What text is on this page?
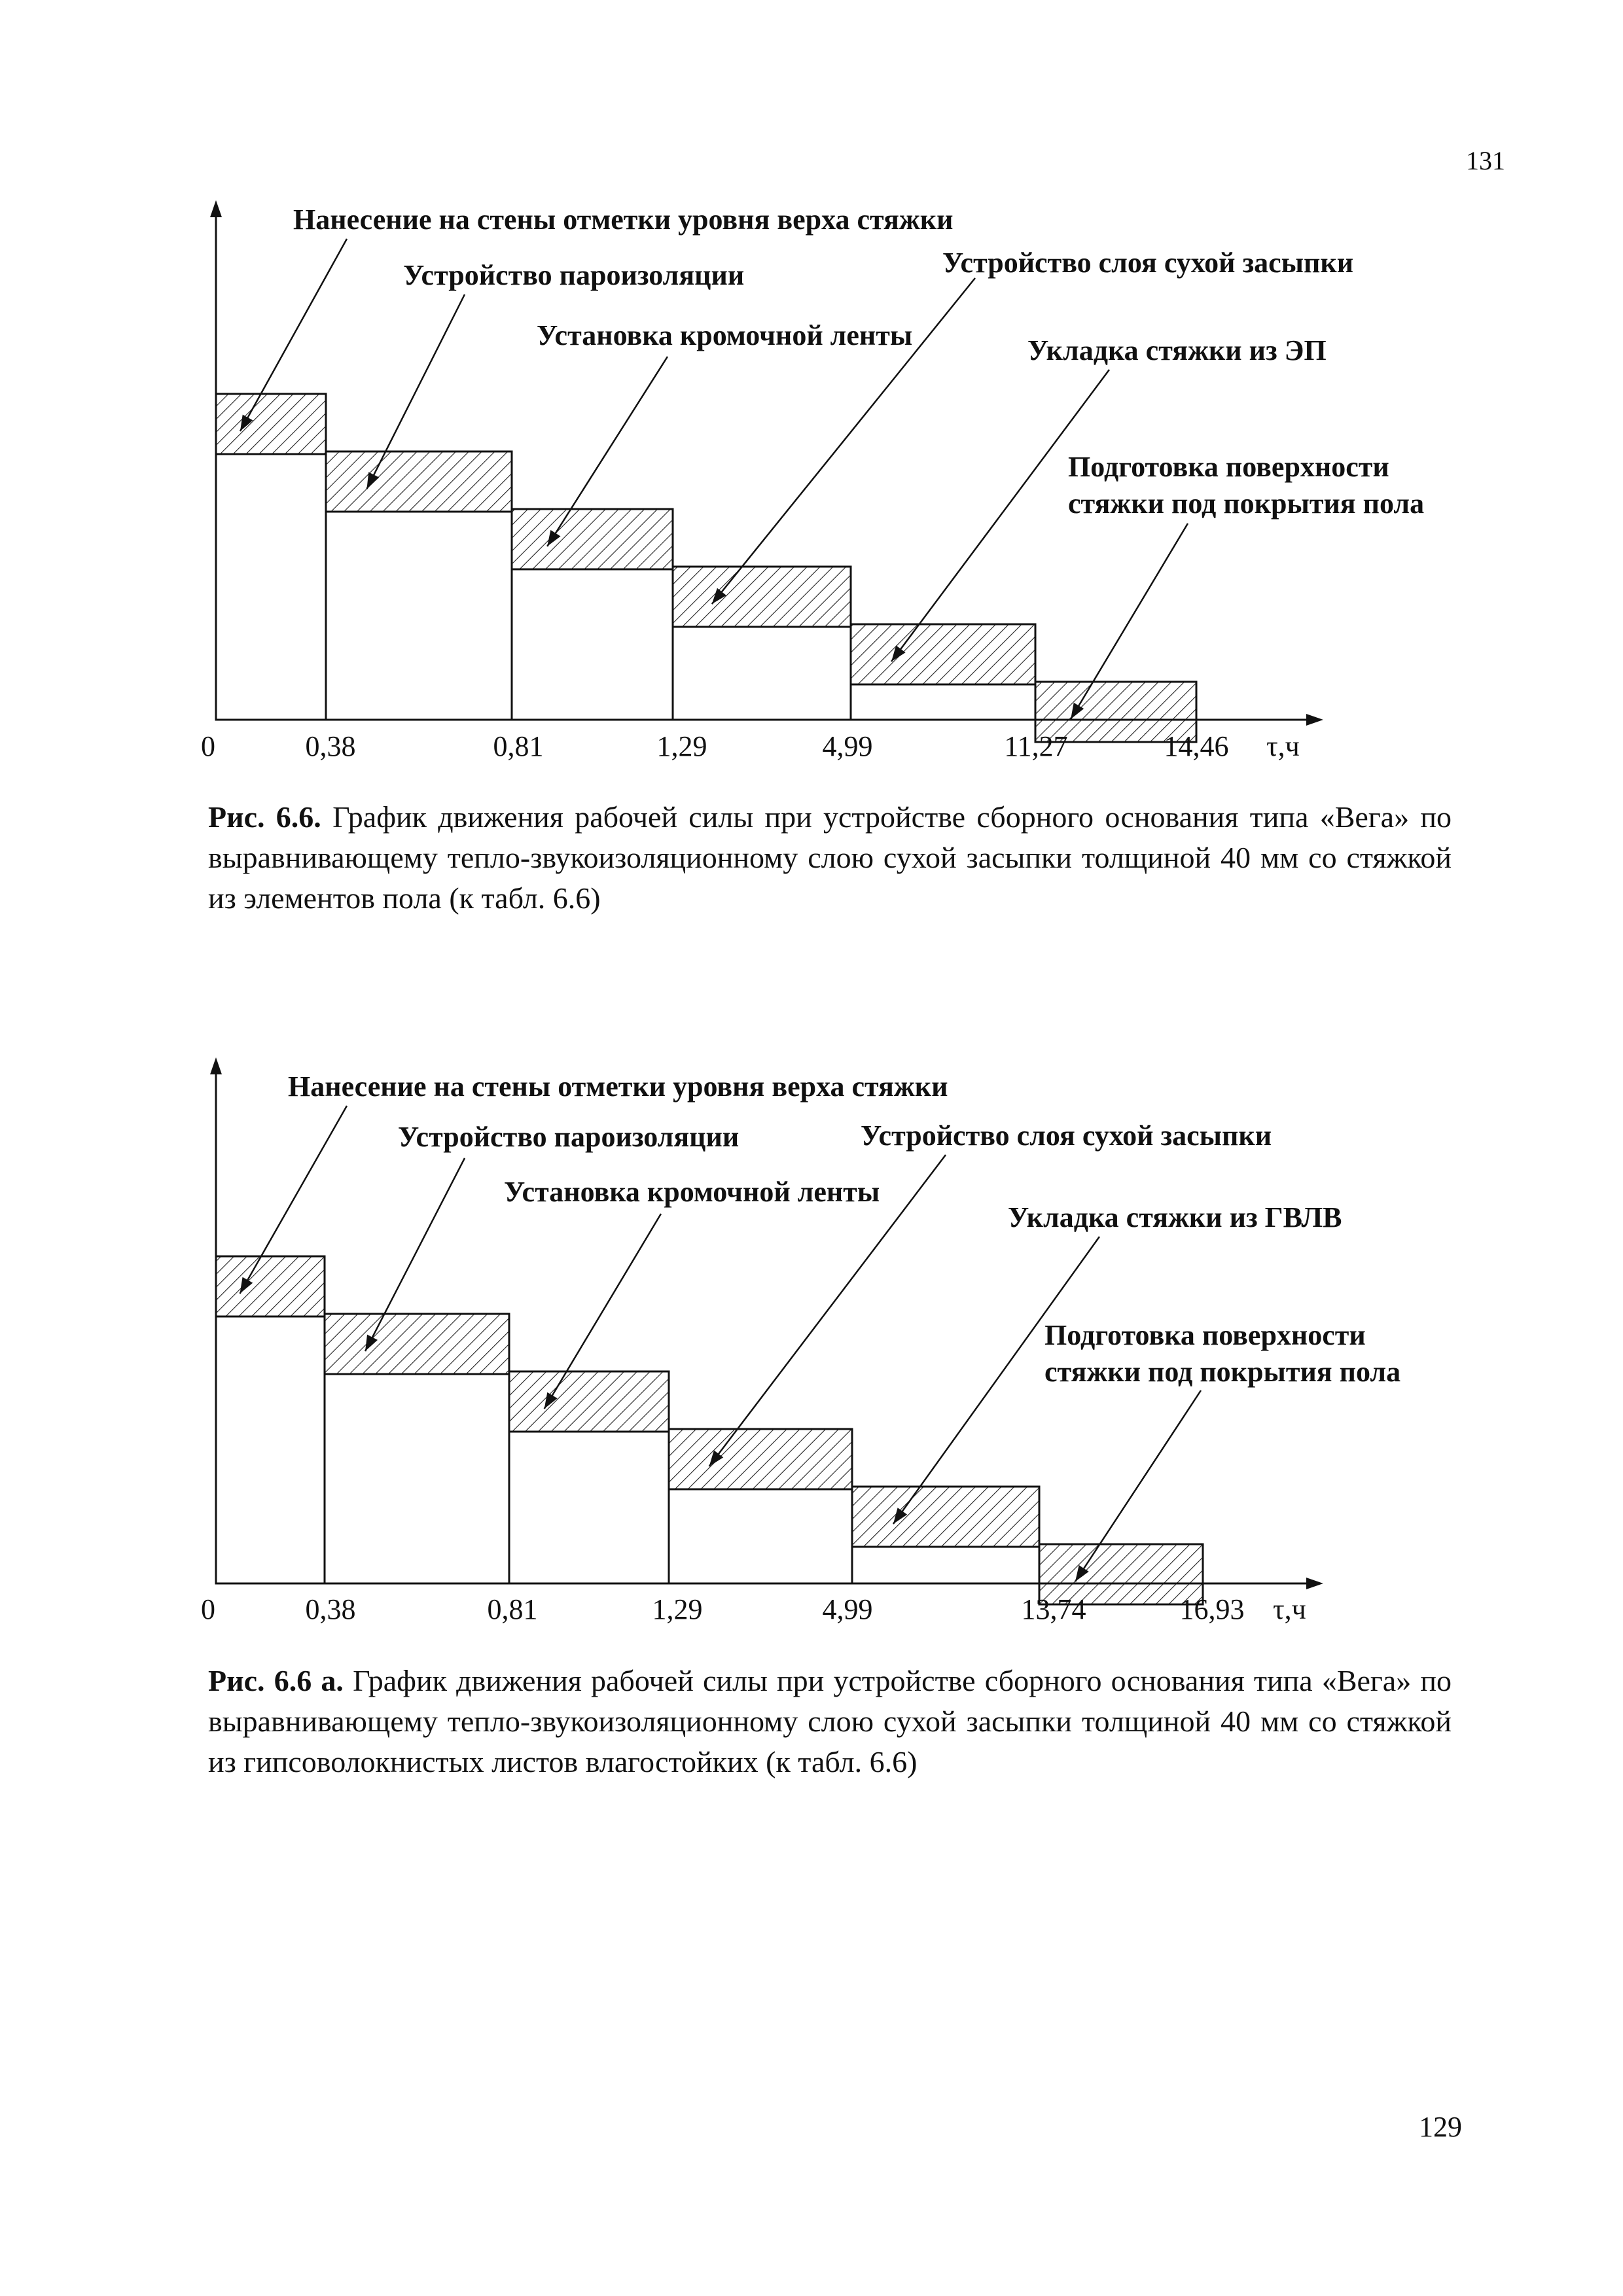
131
0	0,38	0,81	1,29	4,99	11,27	14,46 τ,ч
Нанесение на стены отметки уровня верха стяжки
Устройство пароизоляции
Установка кромочной ленты
Устройство слоя сухой засыпки
Укладка стяжки из ЭП
Подготовка поверхности
стяжки под покрытия пола
Рис. 6.6. График движения рабочей силы при устройстве сборного основания типа «Вега» по выравнивающему тепло-звукоизоляционному слою сухой засыпки толщиной 40 мм со стяжкой из элементов пола (к табл. 6.6)
0	0,38	0,81	1,29	4,99	13,74	16,93 τ,ч
Нанесение на стены отметки уровня верха стяжки
Устройство пароизоляции
Установка кромочной ленты
Устройство слоя сухой засыпки
Укладка стяжки из ГВЛВ
Подготовка поверхности
стяжки под покрытия пола
Рис. 6.6 а. График движения рабочей силы при устройстве сборного основания типа «Вега» по выравнивающему тепло-звукоизоляционному слою сухой засыпки толщиной 40 мм со стяжкой из гипсоволокнистых листов влагостойких (к табл. 6.6)
129
